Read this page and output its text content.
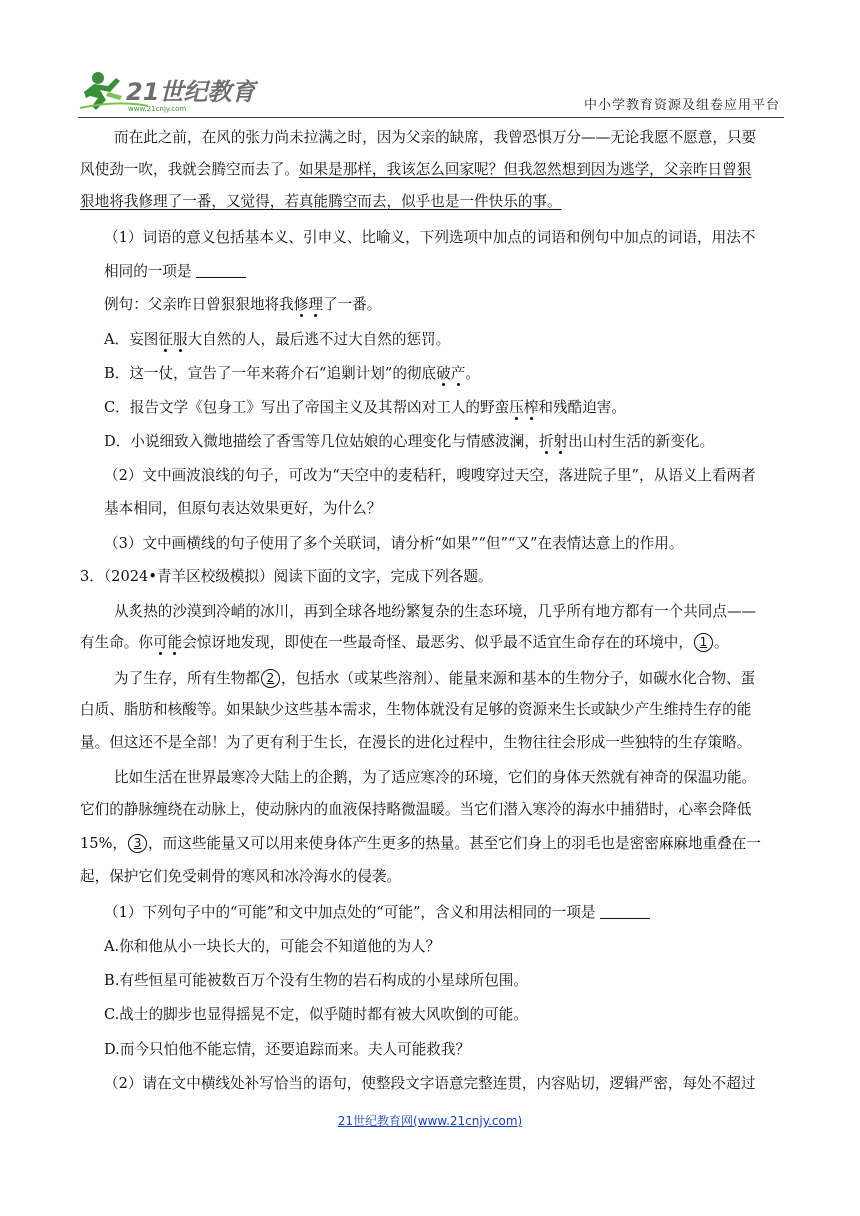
21世纪教育
www.21cnjy.com	中小学教育资源及组卷应用平台
而在此之前，在风的张力尚未拉满之时，因为父亲的缺席，我曾恐惧万分——无论我愿不愿意，只要
风使劲一吹，我就会腾空而去了。如果是那样，我该怎么回家呢？但我忽然想到因为逃学，父亲昨日曾狠
狠地将我修理了一番，又觉得，若真能腾空而去，似乎也是一件快乐的事。
（1）词语的意义包括基本义、引申义、比喻义，下列选项中加点的词语和例句中加点的词语，用法不
相同的一项是
例句：父亲昨日曾狠狠地将我修理了一番。
A．妄图征服大自然的人，最后逃不过大自然的惩罚。
B．这一仗，宣告了一年来蒋介石“追剿计划”的彻底破产。
C．报告文学《包身工》写出了帝国主义及其帮凶对工人的野蛮压榨和残酷迫害。
D．小说细致入微地描绘了香雪等几位姑娘的心理变化与情感波澜，折射出山村生活的新变化。
（2）文中画波浪线的句子，可改为“天空中的麦秸秆，嗖嗖穿过天空，落进院子里”，从语义上看两者
基本相同，但原句表达效果更好，为什么？
（3）文中画横线的句子使用了多个关联词，请分析“如果”“但”“又”在表情达意上的作用。
3．（2024•青羊区校级模拟）阅读下面的文字，完成下列各题。
从炙热的沙漠到冷峭的冰川，再到全球各地纷繁复杂的生态环境，几乎所有地方都有一个共同点——
有生命。你可能会惊讶地发现，即使在一些最奇怪、最恶劣、似乎最不适宜生命存在的环境中， 1 。
为了生存，所有生物都 2 ，包括水（或某些溶剂）、能量来源和基本的生物分子，如碳水化合物、蛋
白质、脂肪和核酸等。如果缺少这些基本需求，生物体就没有足够的资源来生长或缺少产生维持生存的能
量。但这还不是全部！为了更有利于生长，在漫长的进化过程中，生物往往会形成一些独特的生存策略。
比如生活在世界最寒冷大陆上的企鹅，为了适应寒冷的环境，它们的身体天然就有神奇的保温功能。
它们的静脉缠绕在动脉上，使动脉内的血液保持略微温暖。当它们潜入寒冷的海水中捕猎时，心率会降低
15%， 3 ，而这些能量又可以用来使身体产生更多的热量。甚至它们身上的羽毛也是密密麻麻地重叠在一
起，保护它们免受刺骨的寒风和冰冷海水的侵袭。
（1）下列句子中的“可能”和文中加点处的“可能”，含义和用法相同的一项是
A.你和他从小一块长大的，可能会不知道他的为人？
B.有些恒星可能被数百万个没有生物的岩石构成的小星球所包围。
C.战士的脚步也显得摇晃不定，似乎随时都有被大风吹倒的可能。
D.而今只怕他不能忘情，还要追踪而来。夫人可能救我？
（2）请在文中横线处补写恰当的语句，使整段文字语意完整连贯，内容贴切，逻辑严密，每处不超过
21世纪教育网(www.21cnjy.com)
